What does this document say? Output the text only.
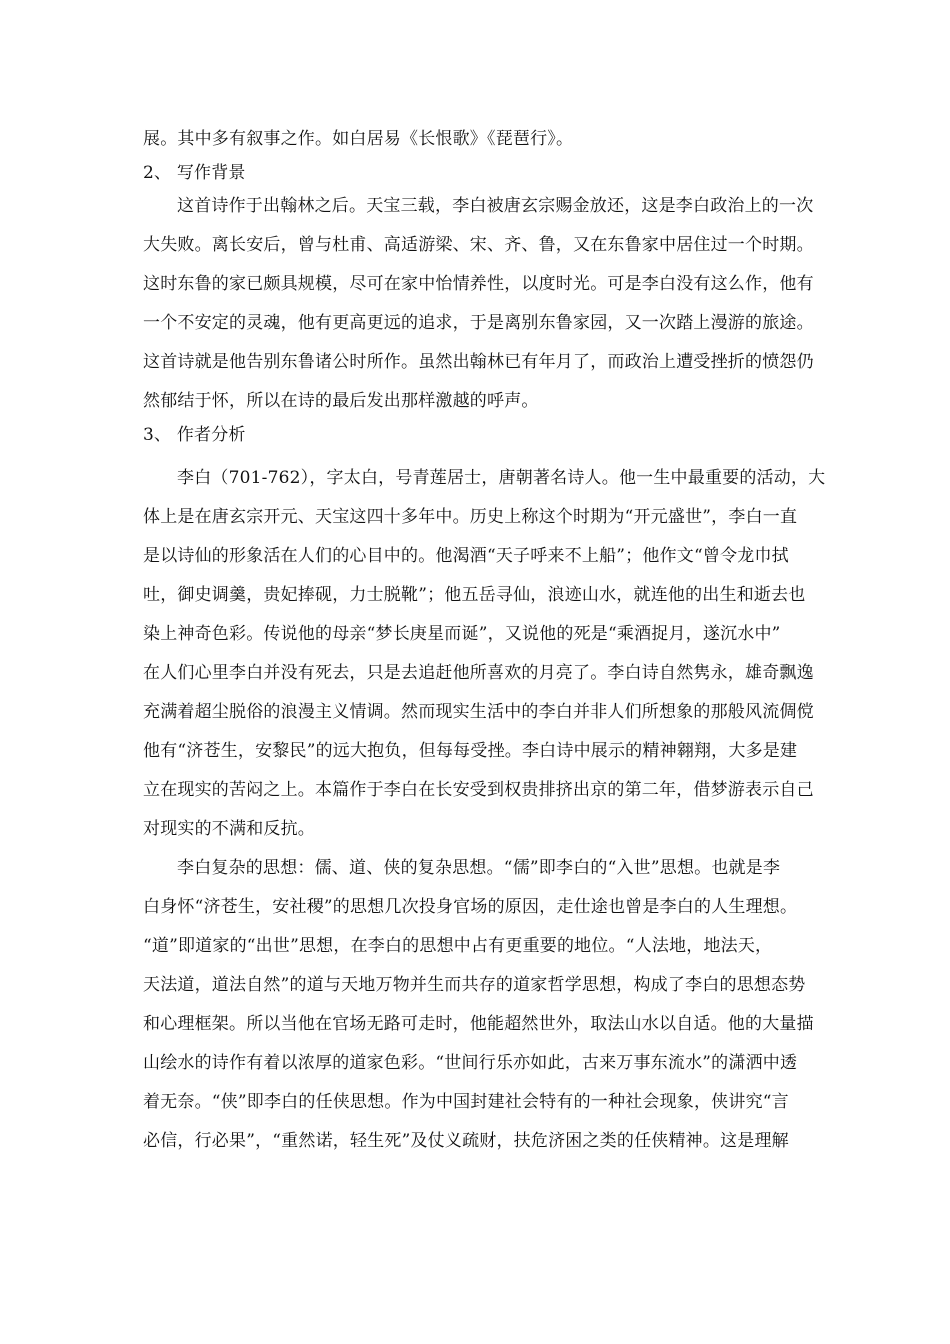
展。其中多有叙事之作。如白居易《长恨歌》《琵琶行》。
2、 写作背景
这首诗作于出翰林之后。天宝三载，李白被唐玄宗赐金放还，这是李白政治上的一次
大失败。离长安后，曾与杜甫、高适游梁、宋、齐、鲁，又在东鲁家中居住过一个时期。
这时东鲁的家已颇具规模，尽可在家中怡情养性，以度时光。可是李白没有这么作，他有
一个不安定的灵魂，他有更高更远的追求，于是离别东鲁家园，又一次踏上漫游的旅途。
这首诗就是他告别东鲁诸公时所作。虽然出翰林已有年月了，而政治上遭受挫折的愤怨仍
然郁结于怀，所以在诗的最后发出那样激越的呼声。
3、 作者分析
李白（701-762），字太白，号青莲居士，唐朝著名诗人。他一生中最重要的活动，大
体上是在唐玄宗开元、天宝这四十多年中。历史上称这个时期为“开元盛世”，李白一直
是以诗仙的形象活在人们的心目中的。他渴酒“天子呼来不上船”；他作文“曾令龙巾拭
吐，御史调羹，贵妃捧砚，力士脱靴”；他五岳寻仙，浪迹山水，就连他的出生和逝去也
染上神奇色彩。传说他的母亲“梦长庚星而诞”，又说他的死是“乘酒捉月，遂沉水中”
在人们心里李白并没有死去，只是去追赶他所喜欢的月亮了。李白诗自然隽永，雄奇飘逸
充满着超尘脱俗的浪漫主义情调。然而现实生活中的李白并非人们所想象的那般风流倜傥
他有“济苍生，安黎民”的远大抱负，但每每受挫。李白诗中展示的精神翱翔，大多是建
立在现实的苦闷之上。本篇作于李白在长安受到权贵排挤出京的第二年，借梦游表示自己
对现实的不满和反抗。
李白复杂的思想：儒、道、侠的复杂思想。“儒”即李白的“入世”思想。也就是李
白身怀“济苍生，安社稷”的思想几次投身官场的原因，走仕途也曾是李白的人生理想。
“道”即道家的“出世”思想，在李白的思想中占有更重要的地位。“人法地，地法天，
天法道，道法自然”的道与天地万物并生而共存的道家哲学思想，构成了李白的思想态势
和心理框架。所以当他在官场无路可走时，他能超然世外，取法山水以自适。他的大量描
山绘水的诗作有着以浓厚的道家色彩。“世间行乐亦如此，古来万事东流水”的潇洒中透
着无奈。“侠”即李白的任侠思想。作为中国封建社会特有的一种社会现象，侠讲究“言
必信，行必果”，“重然诺，轻生死”及仗义疏财，扶危济困之类的任侠精神。这是理解
